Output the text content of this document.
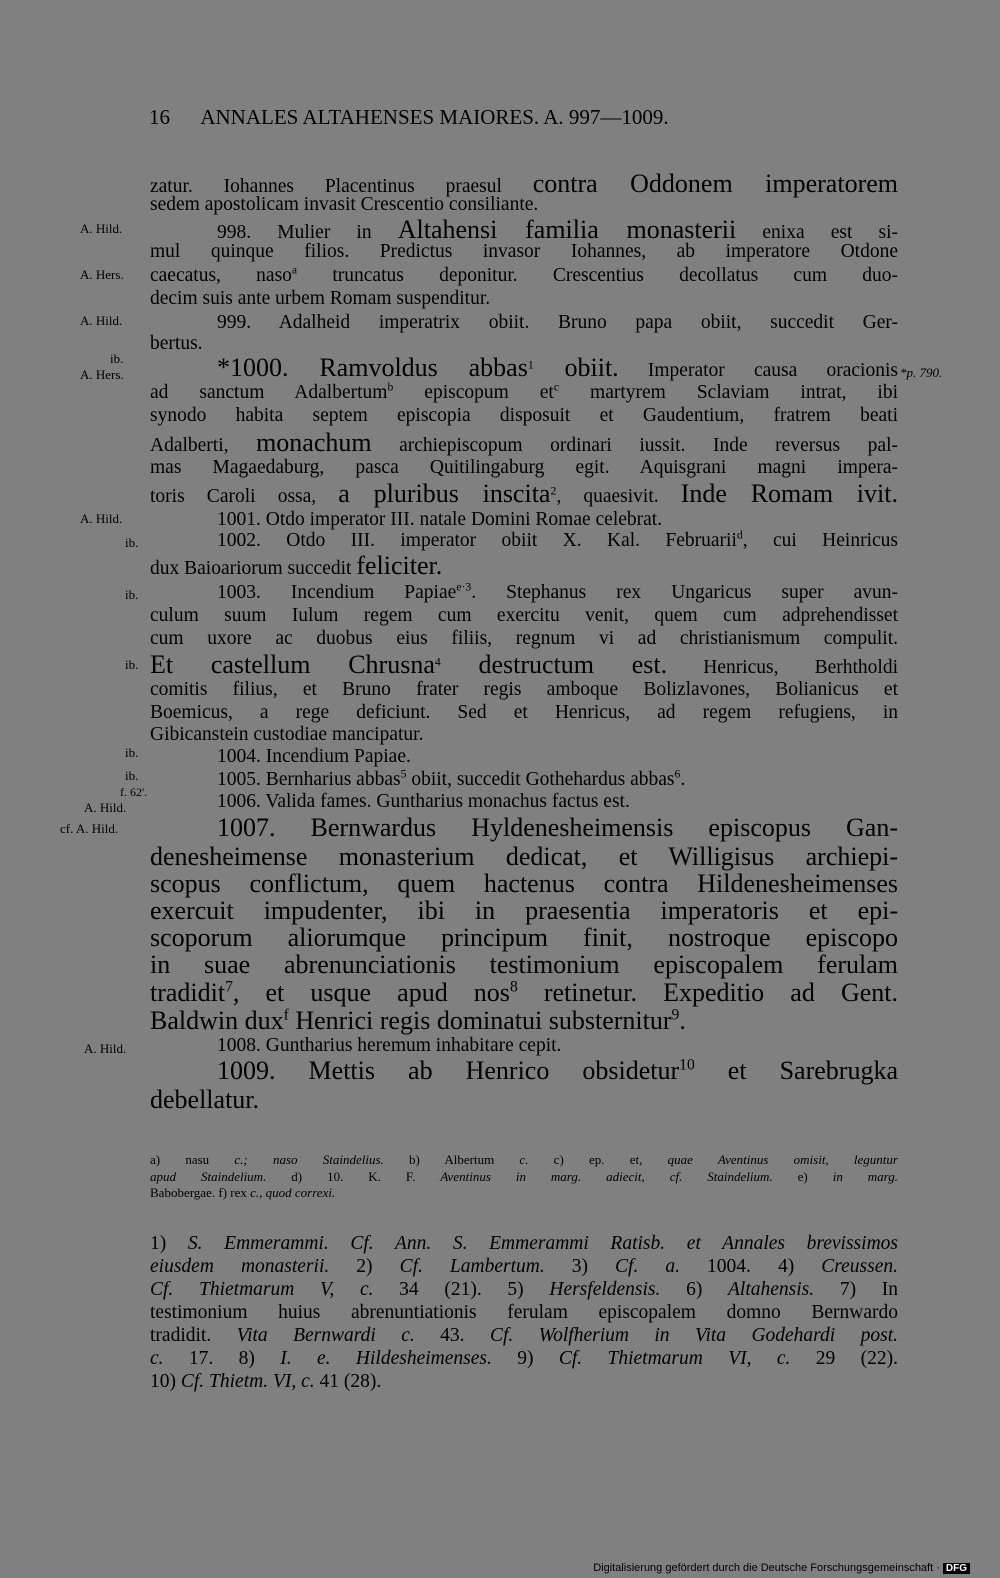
16 ANNALES ALTAHENSES MAIORES. A. 997—1009.
A. Hild.
A. Hers.
A. Hild.
ib.
A. Hers.	*p. 790.
A. Hild.
ib.
ib.
ib.
ib.
ib.
f. 62'.
A. Hild.
cf. A. Hild.
A. Hild.
zatur. Iohannes Placentinus praesul contra Oddonem imperatorem
sedem apostolicam invasit Crescentio consiliante.
998. Mulier in Altahensi familia monasterii enixa est si-
mul quinque filios. Predictus invasor Iohannes, ab imperatore Otdone
caecatus, naso$^a$ truncatus deponitur. Crescentius decollatus cum duo-
decim suis ante urbem Romam suspenditur.
999. Adalheid imperatrix obiit. Bruno papa obiit, succedit Ger-
bertus.
*1000. Ramvoldus abbas$^1$ obiit. Imperator causa oracionis
ad sanctum Adalbertum$^b$ episcopum $et^c$ martyrem Sclaviam intrat, ibi
synodo habita septem episcopia disposuit et Gaudentium, fratrem beati
Adalberti, monachum archiepiscopum ordinari iussit. Inde reversus pal-
mas Magaedaburg, pasca Quitilingaburg egit. Aquisgrani magni impera-
toris Caroli ossa, a pluribus inscita$^2$, quaesivit. Inde Romam ivit.
1001. Otdo imperator III. natale Domini Romae celebrat.
1002. Otdo III. imperator obiit X. Kal. Februarii$^d$, cui Heinricus
dux Baioariorum succedit feliciter.
1003. Incendium Papiae$^{e\cdot 3}$. Stephanus rex Ungaricus super avun-
culum suum Iulum regem cum exercitu venit, quem cum adprehendisset
cum uxore ac duobus eius filiis, regnum vi ad christianismum compulit.
Et castellum Chrusna$^4$ destructum est. Henricus, Berhtholdi
comitis filius, et Bruno frater regis amboque Bolizlavones, Bolianicus et
Boemicus, a rege deficiunt. Sed et Henricus, ad regem refugiens, in
Gibicanstein custodiae mancipatur.
1004. Incendium Papiae.
1005. Bernharius abbas$^5$ obiit, succedit Gothehardus abbas$^6$.
1006. Valida fames. Guntharius monachus factus est.
1007. Bernwardus Hyldenesheimensis episcopus Gan-
denesheimense monasterium dedicat, et Willigisus archiepi-
scopus conflictum, quem hactenus contra Hildenesheimenses
exercuit impudenter, ibi in praesentia imperatoris et epi-
scoporum aliorumque principum finit, nostroque episcopo
in suae abrenunciationis testimonium episcopalem ferulam
tradidit$^7$, et usque apud nos$^8$ retinetur. Expeditio ad Gent.
Baldwin dux$^f$ Henrici regis dominatui substernitur$^9$.
1008. Guntharius heremum inhabitare cepit.
1009. Mettis ab Henrico obsidetur$^{10}$ et Sarebrugka
debellatur.
a) nasu c.; naso Staindelius. b) Albertum c. c) ep. et, quae Aventinus omisit, leguntur
apud Staindelium. d) 10. K. F. Aventinus in marg. adiecit, cf. Staindelium. e) in marg.
Babobergae. f) rex c., quod correxi.
1) S. Emmerammi. Cf. Ann. S. Emmerammi Ratisb. et Annales brevissimos
eiusdem monasterii. 2) Cf. Lambertum. 3) Cf. a. 1004. 4) Creussen.
Cf. Thietmarum V, c. 34 (21). 5) Hersfeldensis. 6) Altahensis. 7) In
testimonium huius abrenuntiationis ferulam episcopalem domno Bernwardo
tradidit. Vita Bernwardi c. 43. Cf. Wolfherium in Vita Godehardi post.
c. 17. 8) I. e. Hildesheimenses. 9) Cf. Thietmarum VI, c. 29 (22).
10) Cf. Thietm. VI, c. 41 (28).
Digitalisierung gefördert durch die Deutsche Forschungsgemeinschaft · DFG
